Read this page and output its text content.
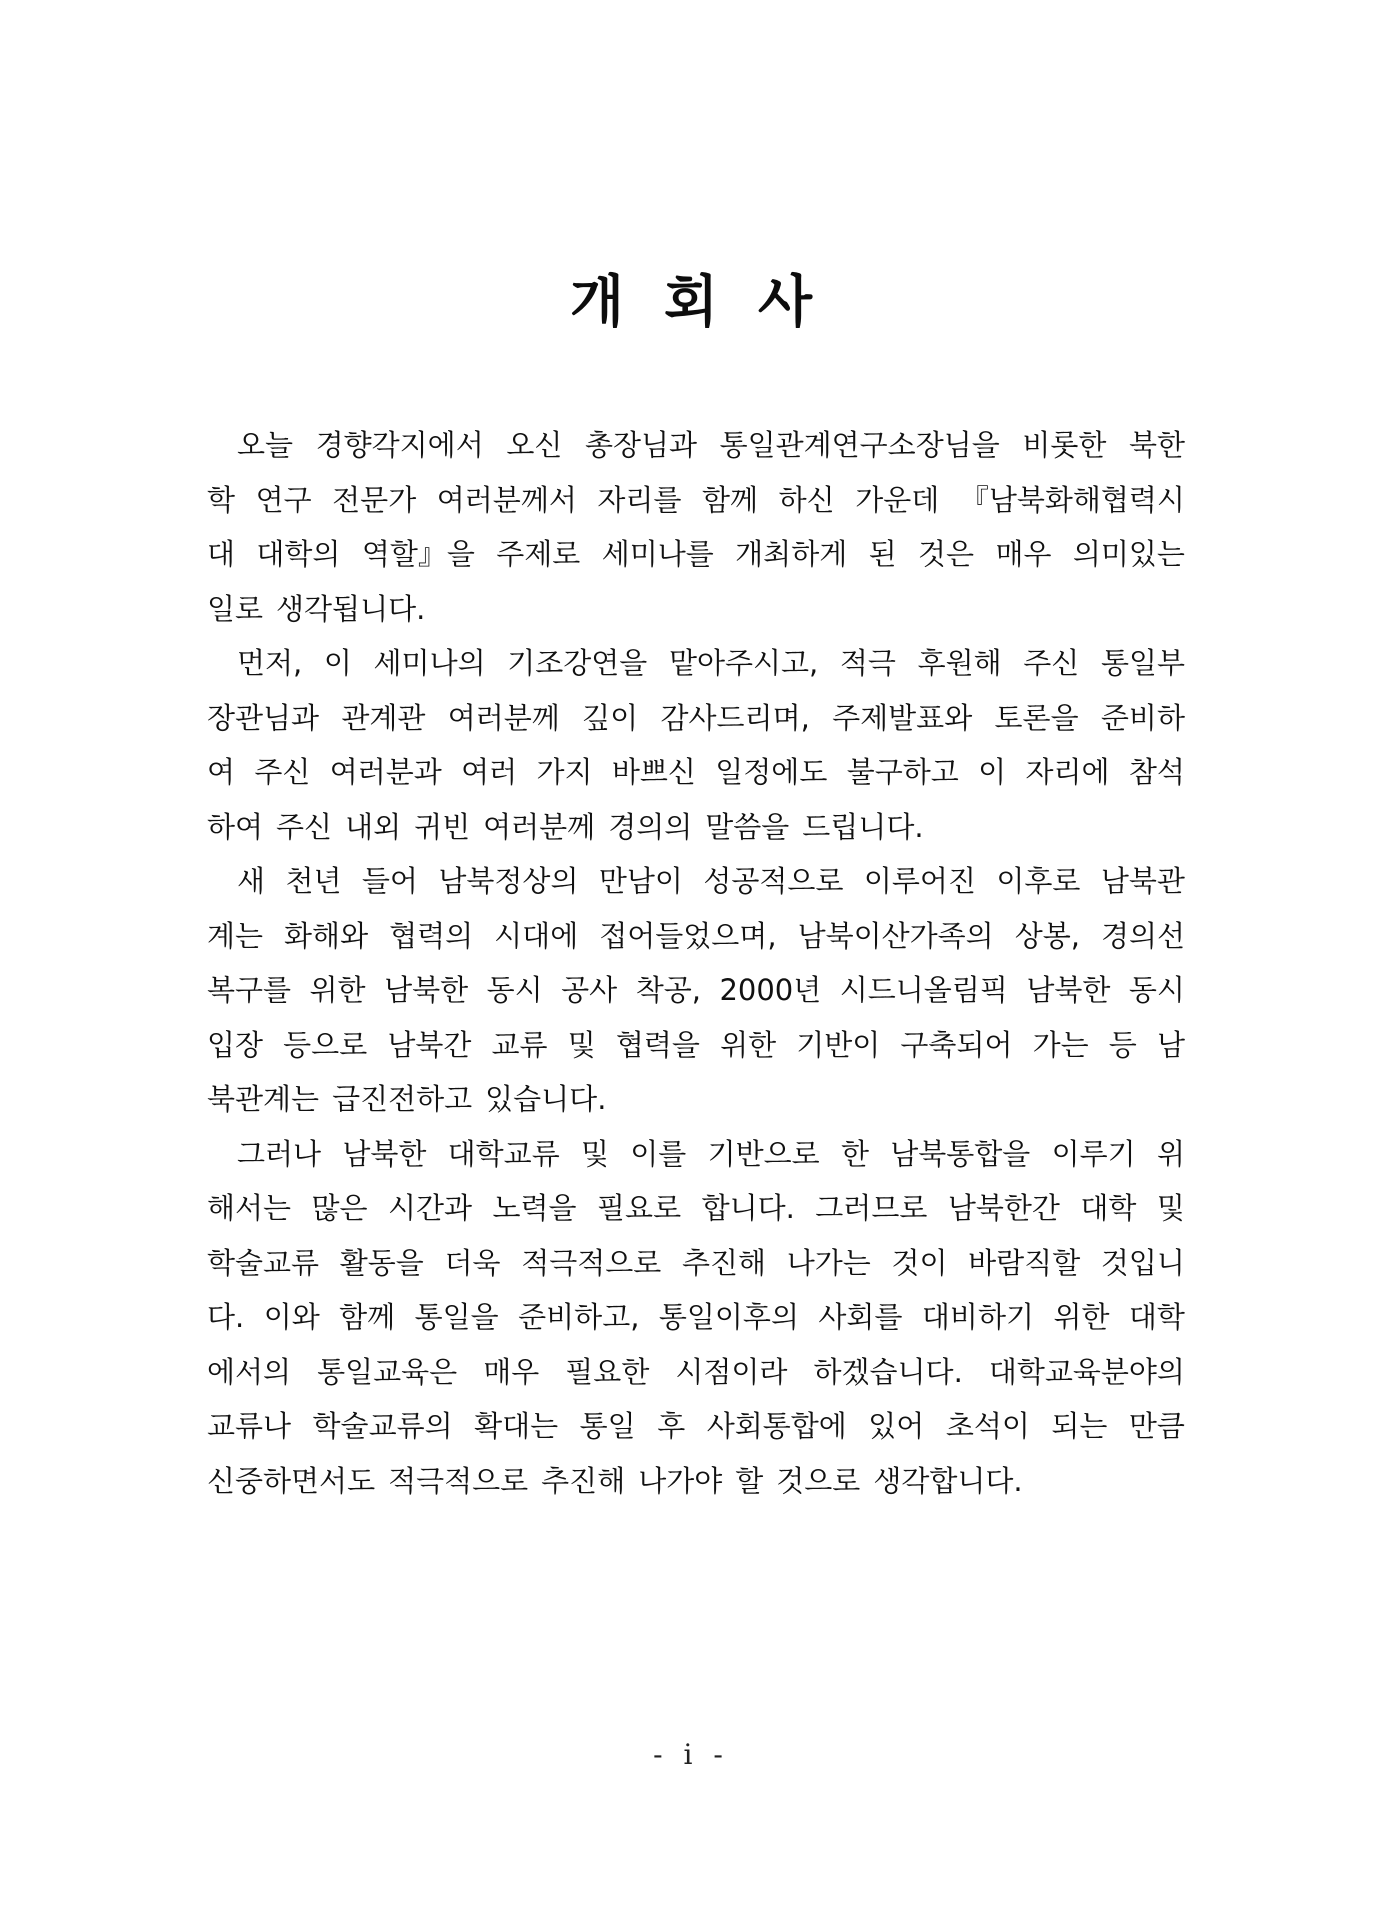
개회사
오늘 경향각지에서 오신 총장님과 통일관계연구소장님을 비롯한 북한
학 연구 전문가 여러분께서 자리를 함께 하신 가운데 『남북화해협력시
대 대학의 역할』을 주제로 세미나를 개최하게 된 것은 매우 의미있는
일로 생각됩니다.
먼저, 이 세미나의 기조강연을 맡아주시고, 적극 후원해 주신 통일부
장관님과 관계관 여러분께 깊이 감사드리며, 주제발표와 토론을 준비하
여 주신 여러분과 여러 가지 바쁘신 일정에도 불구하고 이 자리에 참석
하여 주신 내외 귀빈 여러분께 경의의 말씀을 드립니다.
새 천년 들어 남북정상의 만남이 성공적으로 이루어진 이후로 남북관
계는 화해와 협력의 시대에 접어들었으며, 남북이산가족의 상봉, 경의선
복구를 위한 남북한 동시 공사 착공, 2000년 시드니올림픽 남북한 동시
입장 등으로 남북간 교류 및 협력을 위한 기반이 구축되어 가는 등 남
북관계는 급진전하고 있습니다.
그러나 남북한 대학교류 및 이를 기반으로 한 남북통합을 이루기 위
해서는 많은 시간과 노력을 필요로 합니다. 그러므로 남북한간 대학 및
학술교류 활동을 더욱 적극적으로 추진해 나가는 것이 바람직할 것입니
다. 이와 함께 통일을 준비하고, 통일이후의 사회를 대비하기 위한 대학
에서의 통일교육은 매우 필요한 시점이라 하겠습니다. 대학교육분야의
교류나 학술교류의 확대는 통일 후 사회통합에 있어 초석이 되는 만큼
신중하면서도 적극적으로 추진해 나가야 할 것으로 생각합니다.
- i -
